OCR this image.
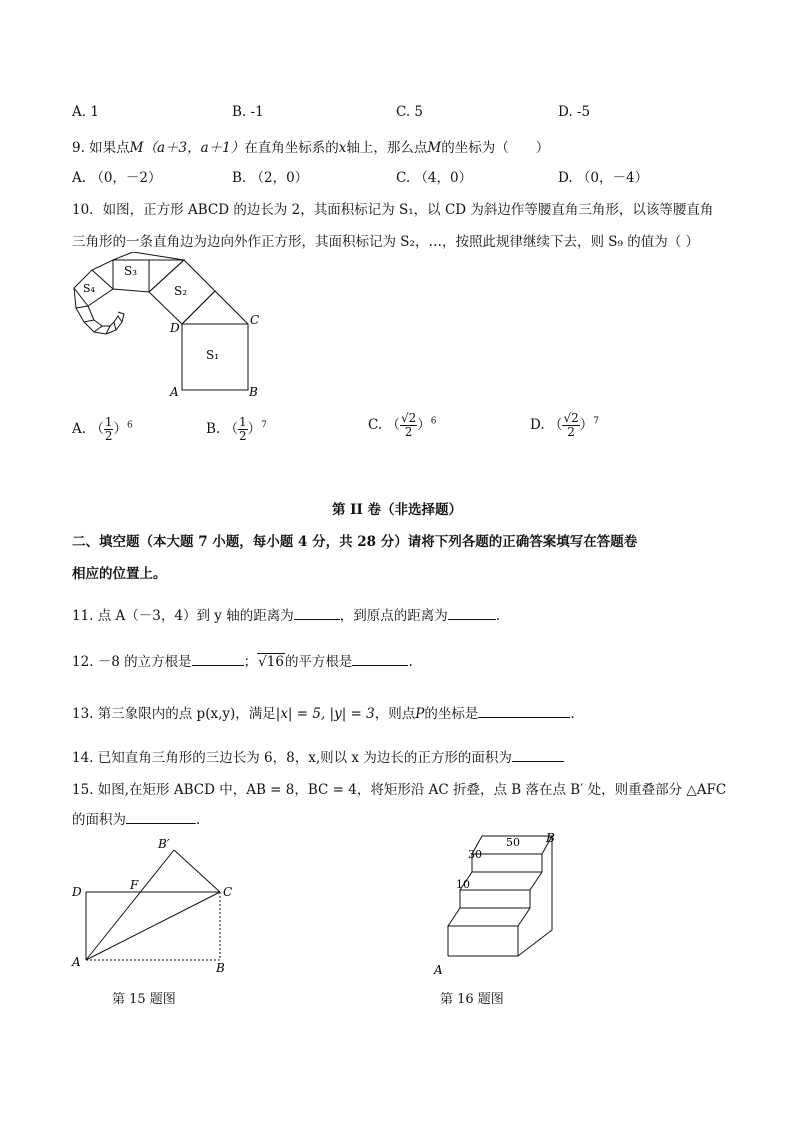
A. 1	B. -1	C. 5	D. -5
9. 如果点M（a＋3，a＋1）在直角坐标系的x轴上，那么点M的坐标为（　　）
A. （0，－2）	B. （2，0）	C. （4，0）	D. （0，－4）
10．如图，正方形 ABCD 的边长为 2，其面积标记为 S₁，以 CD 为斜边作等腰直角三角形，以该等腰直角
三角形的一条直角边为边向外作正方形，其面积标记为 S₂，…，按照此规律继续下去，则 S₉ 的值为（ ）
S₁
S₂
S₃
S₄
D
C
A	B
A. （ $\frac{1}{2} )^6$	B. （ $\frac{1}{2} )^7$	C. （ $\frac{√2}{2} )^6$	D. （ $\frac{√2}{2} )^7$
第 II 卷（非选择题）
二、填空题（本大题 7 小题，每小题 4 分，共 28 分）请将下列各题的正确答案填写在答题卷
相应的位置上。
11. 点 A（－3，4）到 y 轴的距离为	，到原点的距离为	.
12. －8 的立方根是	；√16的平方根是	.
13. 第三象限内的点 p(x,y)，满足|x| = 5, |y| = 3，则点P的坐标是	.
14. 已知直角三角形的三边长为 6，8，x,则以 x 为边长的正方形的面积为
15. 如图,在矩形 ABCD 中，AB = 8，BC = 4，将矩形沿 AC 折叠，点 B 落在点 B′ 处，则重叠部分 △AFC
的面积为	.
B′
F
D	C
A	B
第 15 题图
50
30
10
B
A
第 16 题图
